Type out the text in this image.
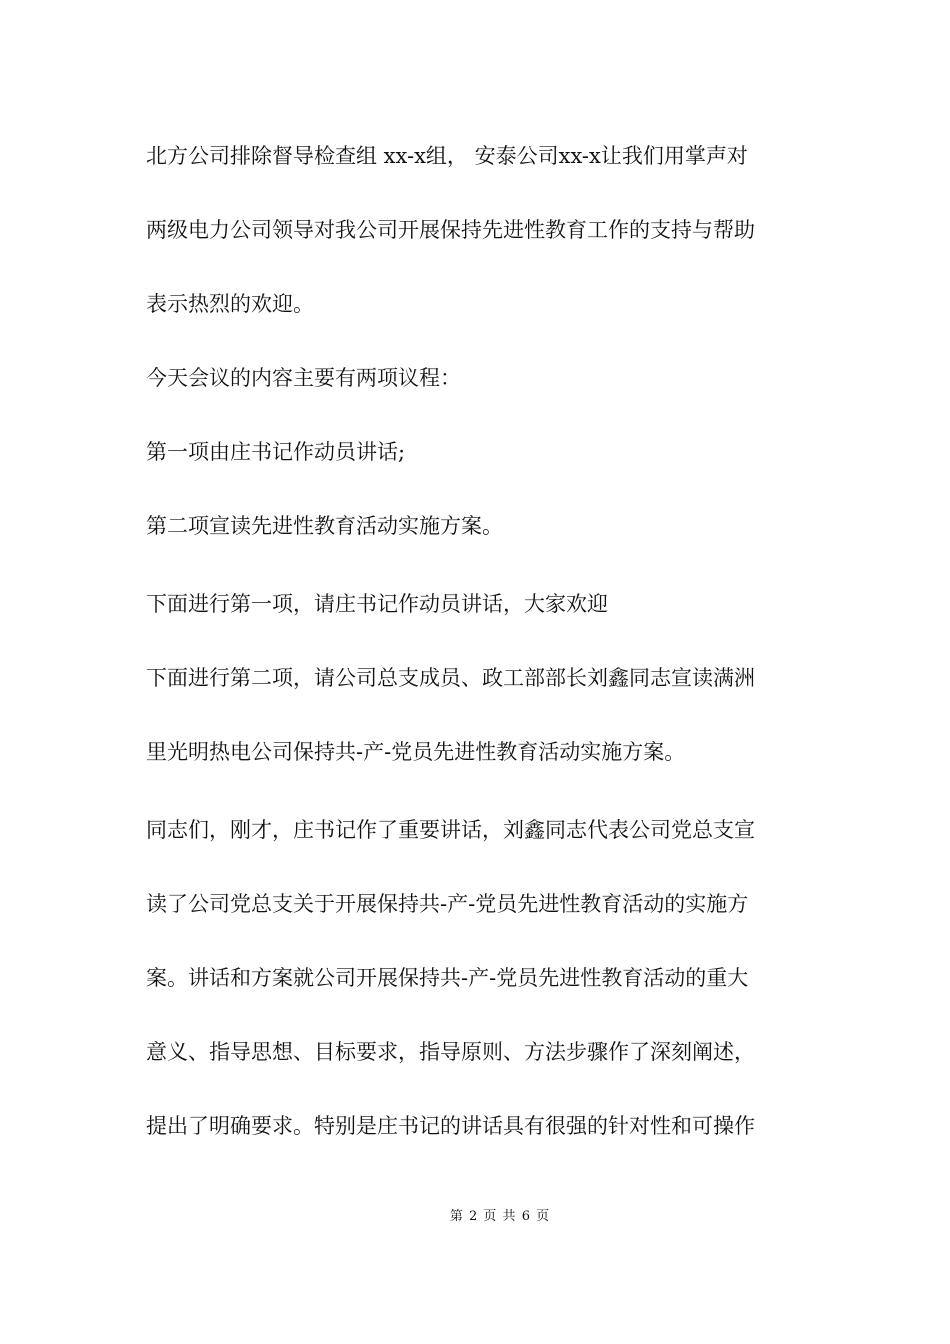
北方公司排除督导检查组 xx-x组， 安泰公司xx-x让我们用掌声对
两级电力公司领导对我公司开展保持先进性教育工作的支持与帮助
表示热烈的欢迎。
今天会议的内容主要有两项议程：
第一项由庄书记作动员讲话;
第二项宣读先进性教育活动实施方案。
下面进行第一项，请庄书记作动员讲话，大家欢迎
下面进行第二项，请公司总支成员、政工部部长刘鑫同志宣读满洲
里光明热电公司保持共-产-党员先进性教育活动实施方案。
同志们，刚才，庄书记作了重要讲话，刘鑫同志代表公司党总支宣
读了公司党总支关于开展保持共-产-党员先进性教育活动的实施方
案。讲话和方案就公司开展保持共-产-党员先进性教育活动的重大
意义、指导思想、目标要求，指导原则、方法步骤作了深刻阐述，
提出了明确要求。特别是庄书记的讲话具有很强的针对性和可操作
第 2 页 共 6 页
